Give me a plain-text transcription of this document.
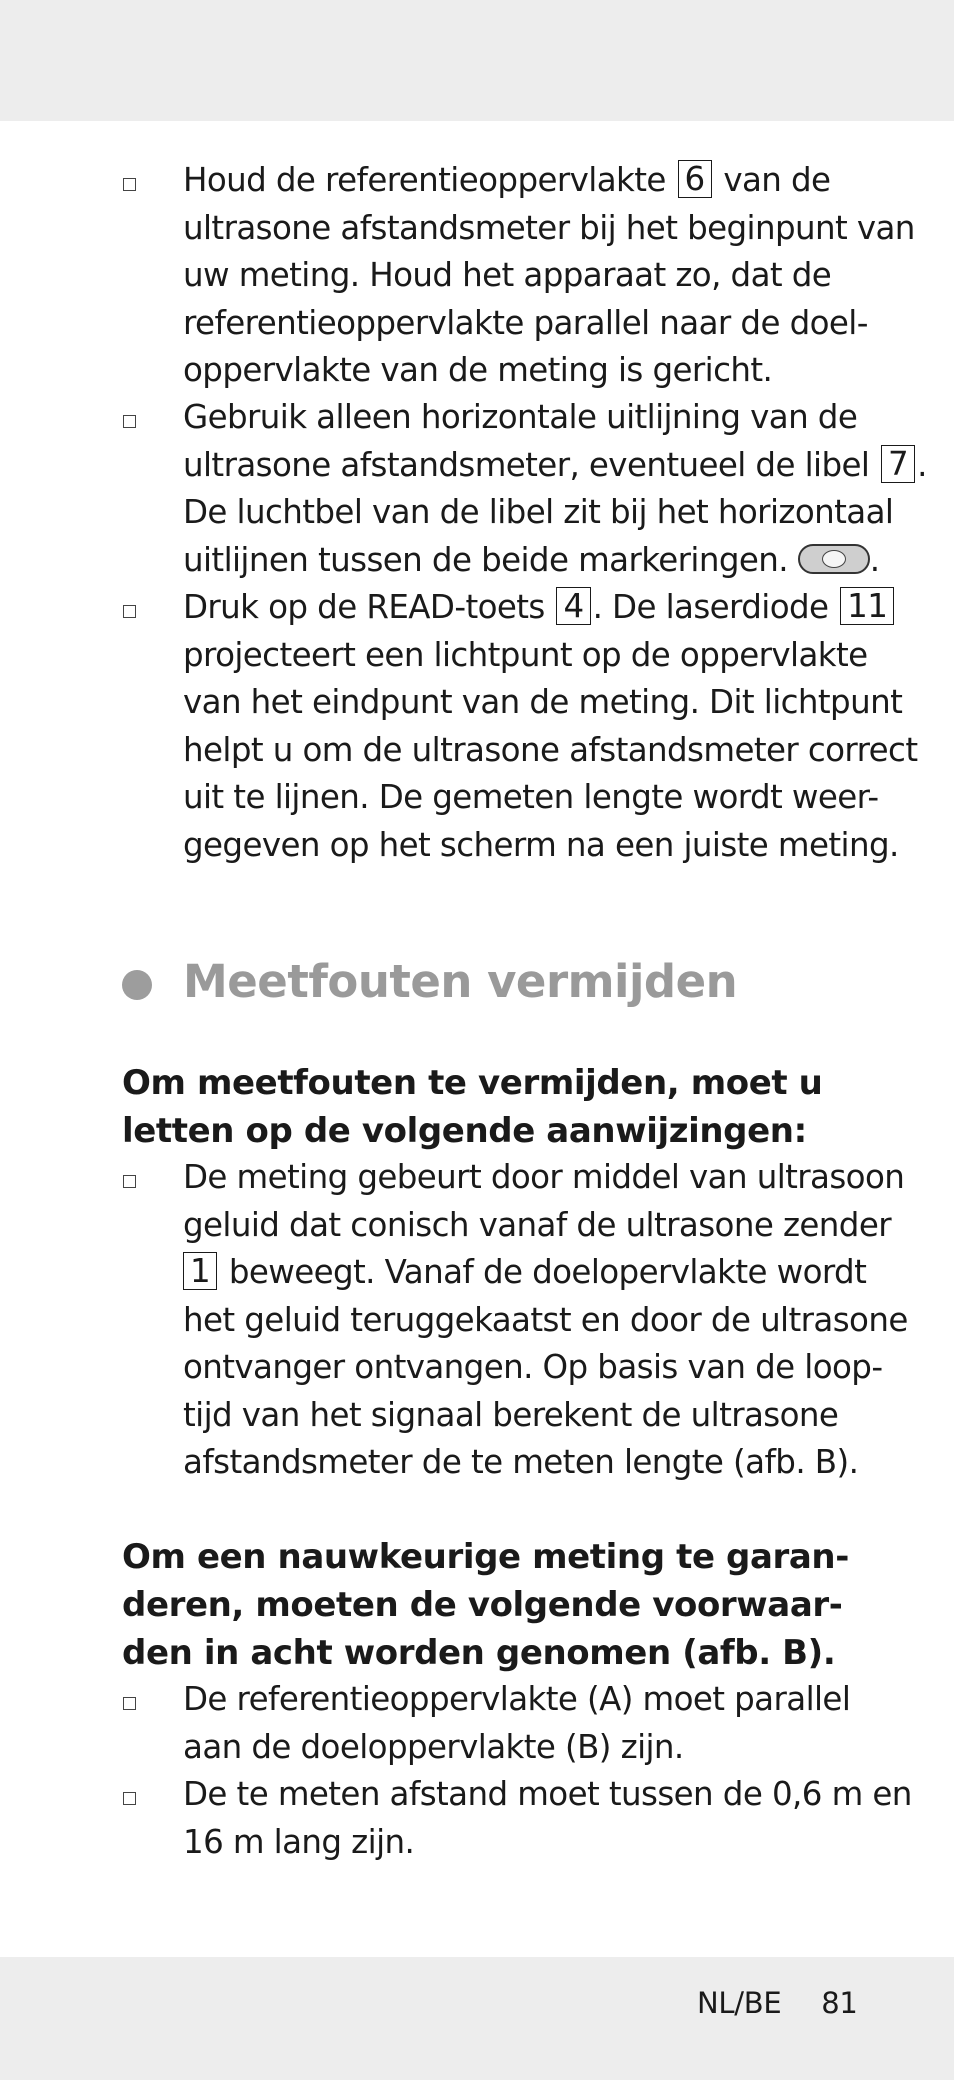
Houd de referentieoppervlakte 6 van de
ultrasone afstandsmeter bij het beginpunt van
uw meting. Houd het apparaat zo, dat de
referentieoppervlakte parallel naar de doel-
oppervlakte van de meting is gericht.
Gebruik alleen horizontale uitlijning van de
ultrasone afstandsmeter, eventueel de libel 7 .
De luchtbel van de libel zit bij het horizontaal
uitlijnen tussen de beide markeringen.	.
Druk op de READ-toets 4 . De laserdiode 11
projecteert een lichtpunt op de oppervlakte
van het eindpunt van de meting. Dit lichtpunt
helpt u om de ultrasone afstandsmeter correct
uit te lijnen. De gemeten lengte wordt weer-
gegeven op het scherm na een juiste meting.
Meetfouten vermijden
Om meetfouten te vermijden, moet u
letten op de volgende aanwijzingen:
De meting gebeurt door middel van ultrasoon
geluid dat conisch vanaf de ultrasone zender
1 beweegt. Vanaf de doelopervlakte wordt
het geluid teruggekaatst en door de ultrasone
ontvanger ontvangen. Op basis van de loop-
tijd van het signaal berekent de ultrasone
afstandsmeter de te meten lengte (afb. B).
Om een nauwkeurige meting te garan-
deren, moeten de volgende voorwaar-
den in acht worden genomen (afb. B).
De referentieoppervlakte (A) moet parallel
aan de doeloppervlakte (B) zijn.
De te meten afstand moet tussen de 0,6 m en
16 m lang zijn.
NL/BE 81
